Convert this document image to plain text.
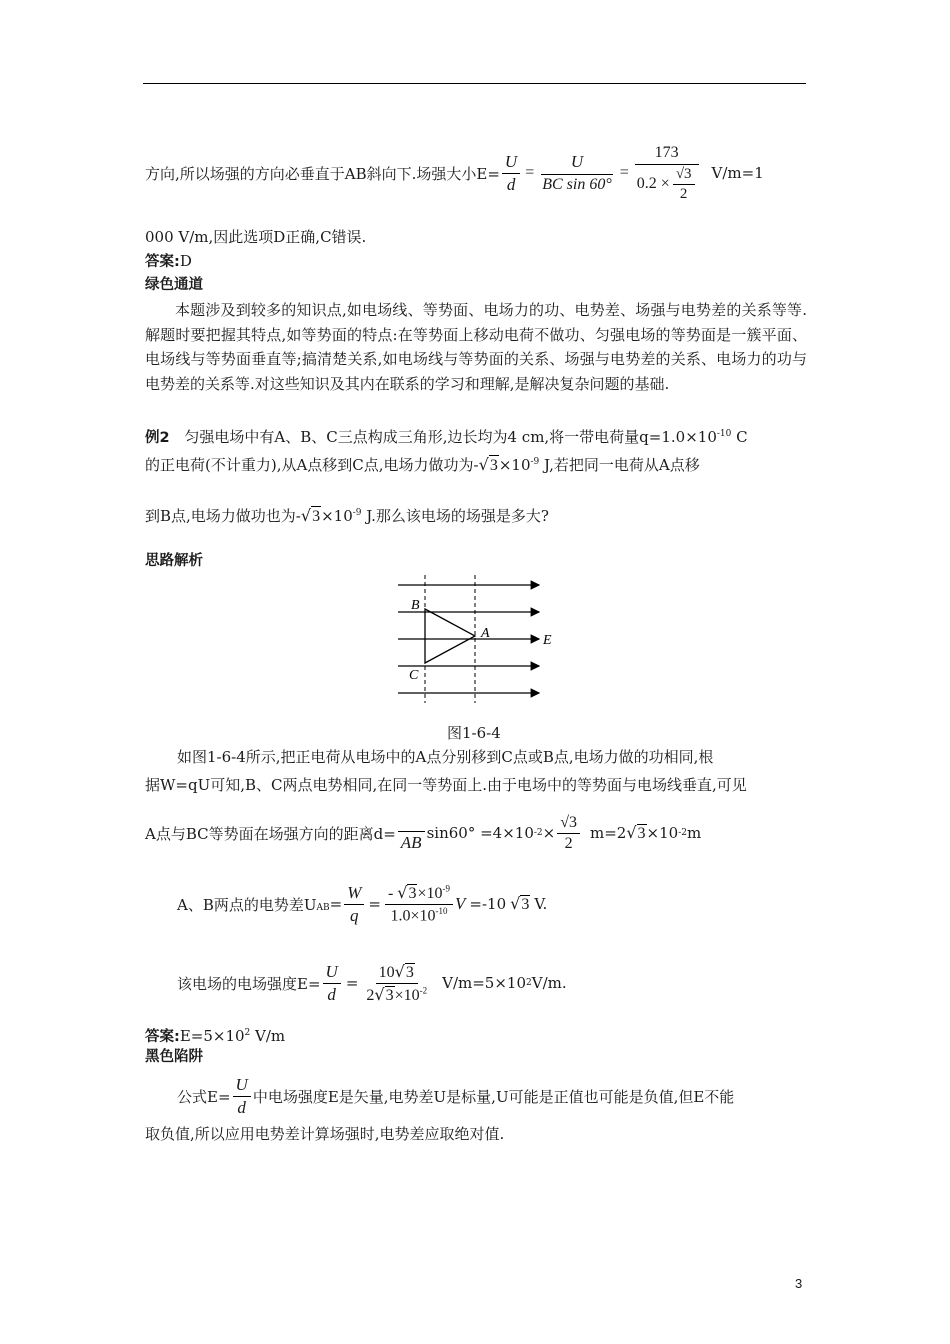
方向,所以场强的方向必垂直于AB斜向下.场强大小$E= \frac{U}{d} = \frac{U}{\text{BC sin 60°}} = \frac{173}{0.2 \times \frac{√3}{2}} V/m=1$
000 V/m,因此选项D正确,C错误.
答案:D
绿色通道
本题涉及到较多的知识点,如电场线、等势面、电场力的功、电势差、场强与电势差的关系等等.解题时要把握其特点,如等势面的特点:在等势面上移动电荷不做功、匀强电场的等势面是一簇平面、电场线与等势面垂直等;搞清楚关系,如电场线与等势面的关系、场强与电势差的关系、电场力的功与电势差的关系等.对这些知识及其内在联系的学习和理解,是解决复杂问题的基础.
例2 匀强电场中有A、B、C三点构成三角形,边长均为4 cm,将一带电荷量$q=1.0\times 10^{-10}$ C
的正电荷(不计重力),从A点移到C点,电场力做功为$-√3\times 10^{-9}$ J,若把同一电荷从A点移
到B点,电场力做功也为$-√3\times 10^{-9}$ J.那么该电场的场强是多大?
思路解析
B
A
C
E
图1-6-4
如图1-6-4所示,把正电荷从电场中的A点分别移到C点或B点,电场力做的功相同,根
据W=qU可知,B、C两点电势相同,在同一等势面上.由于电场中的等势面与电场线垂直,可见
A点与BC等势面在场强方向的距离d= AB sin60° =4×10 $-2 \times \frac{√3}{2} m=2$ √3 ×10 -2 m
A、B两点的电势差$U_{AB} = \frac{W}{q} = \frac{- √3\times 10^{-9}}{1.0\times 10^{-10}}$ V =-10 √3 V.
该电场的电场强度$E= \frac{U}{d} = \frac{10√3}{2√3\times 10^{-2}} V/m=5\times 10$ 2 V/m.
答案$:E=5\times 10^2$ V/m
黑色陷阱
公式$E= \frac{U}{d}$ 中电场强度E是矢量,电势差U是标量,U可能是正值也可能是负值,但E不能
取负值,所以应用电势差计算场强时,电势差应取绝对值.
3
